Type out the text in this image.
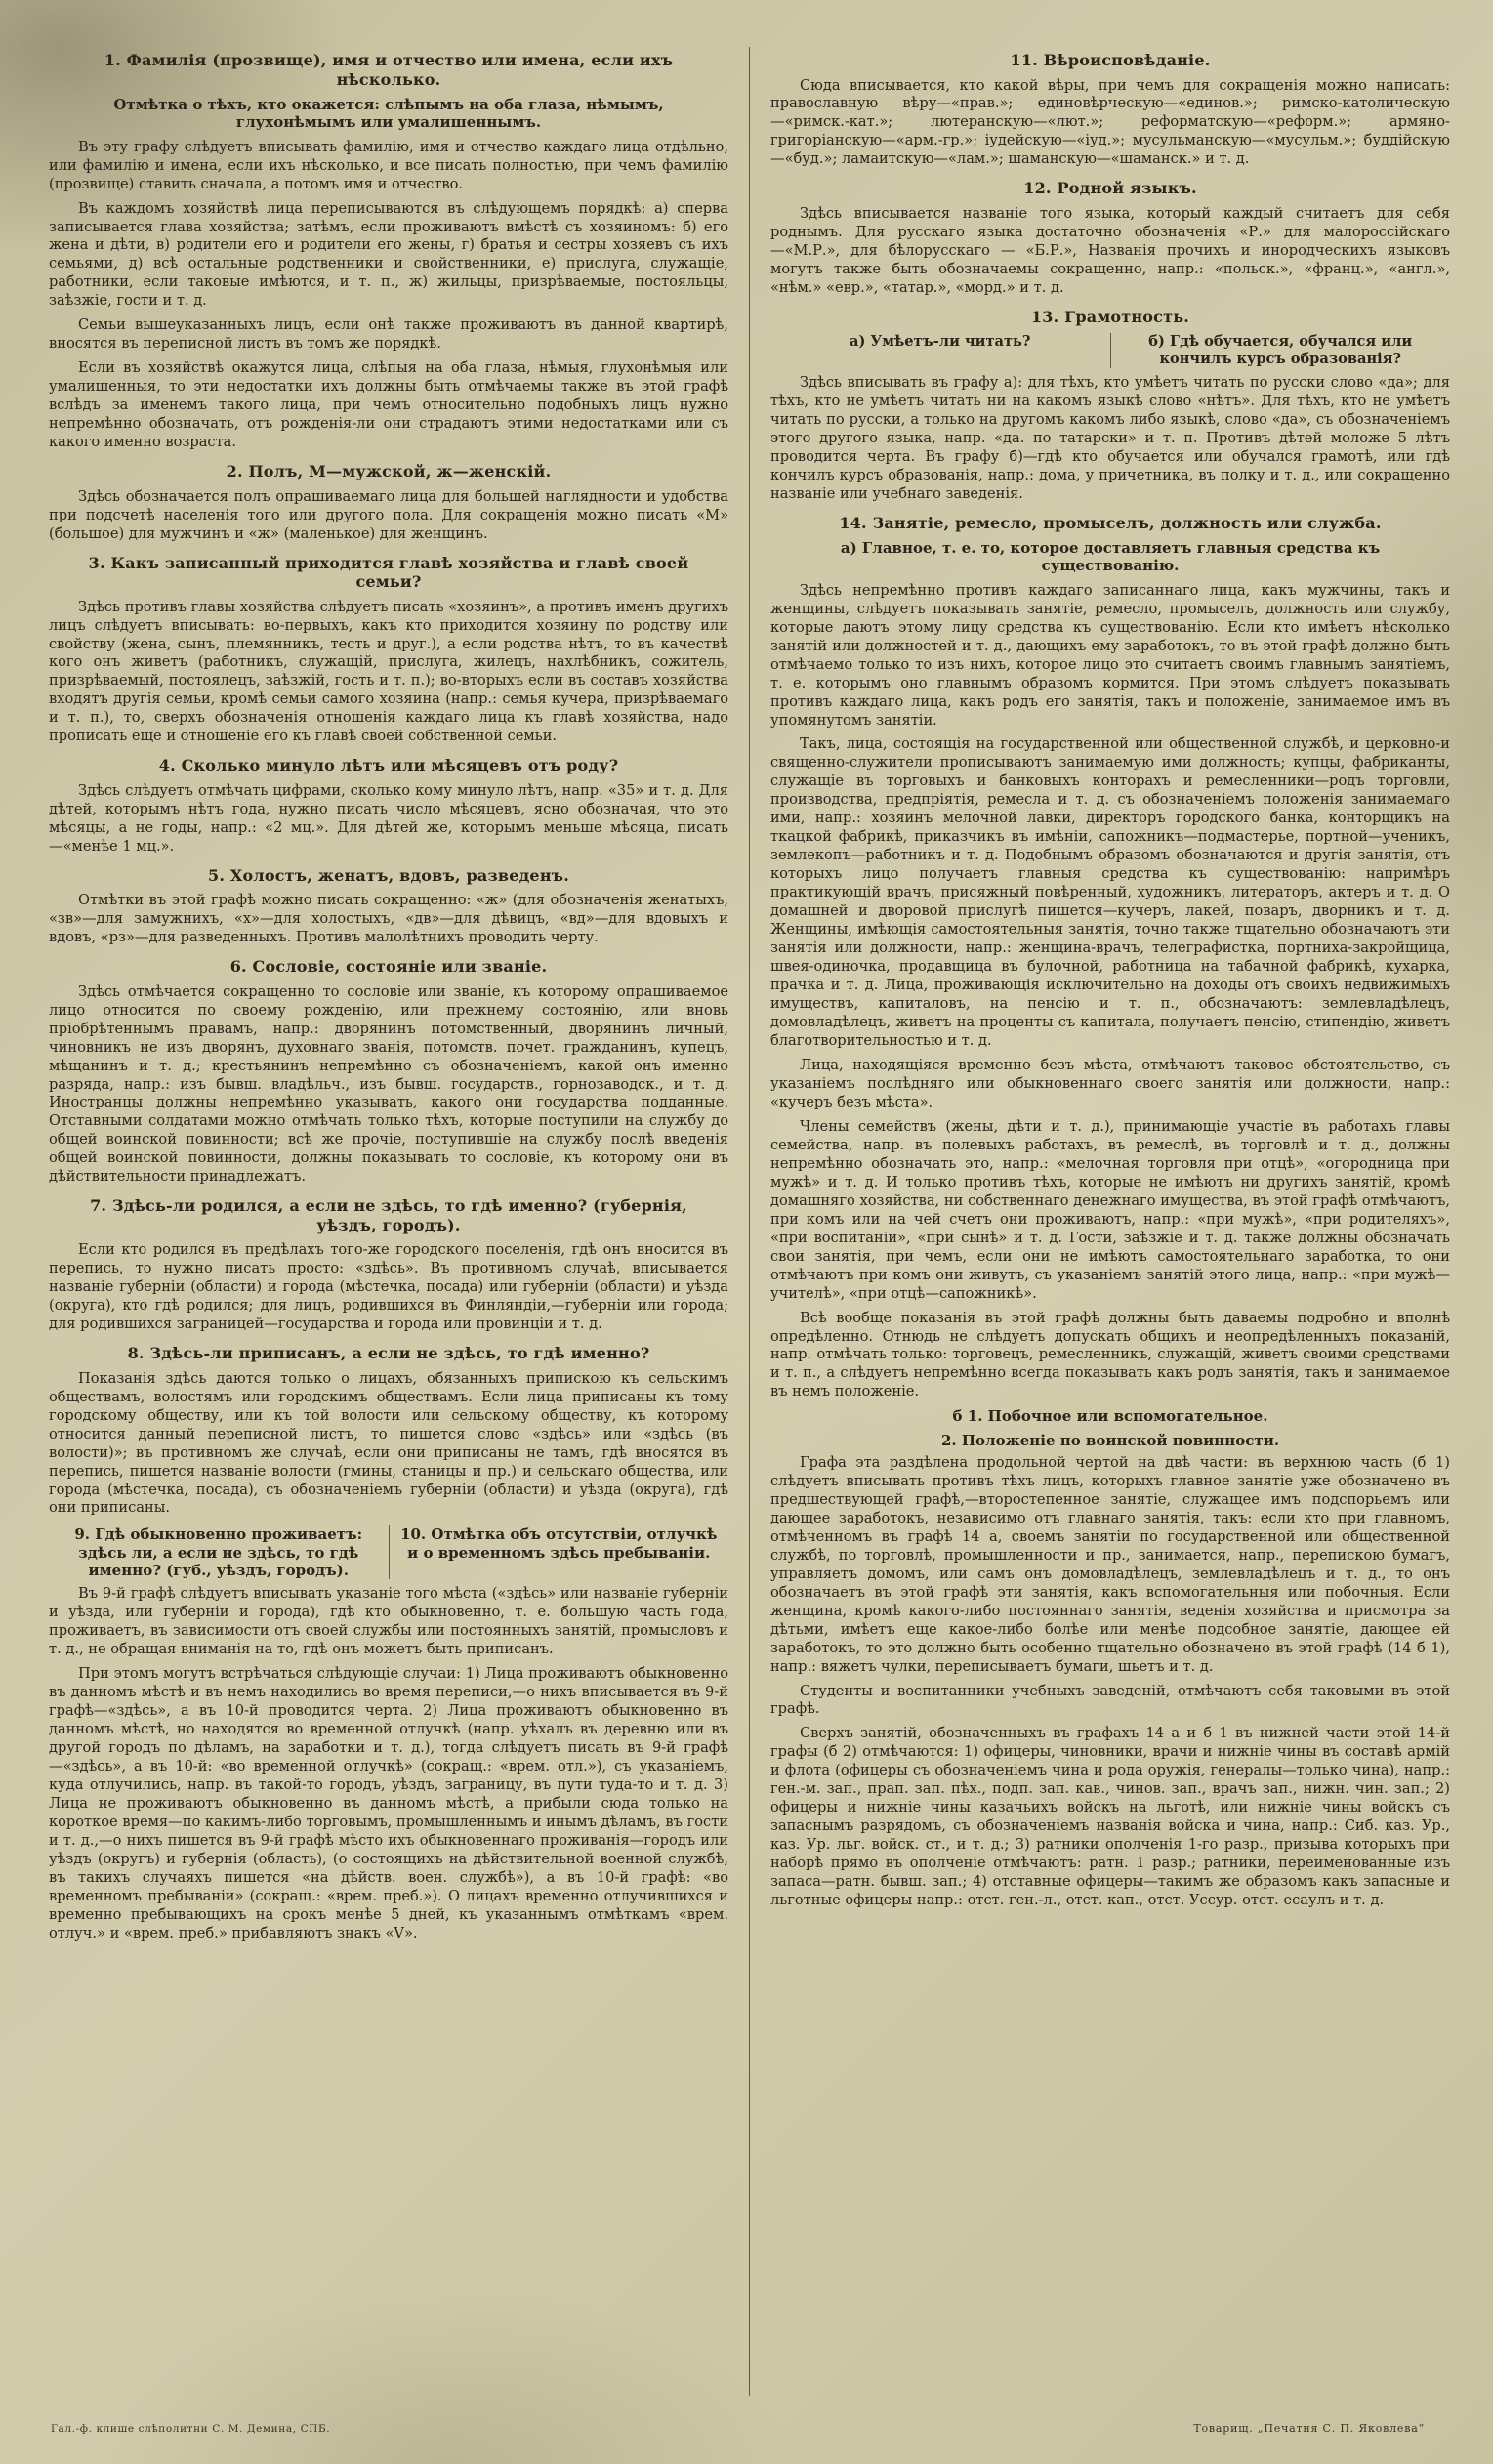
1. Фамилія (прозвище), имя и отчество или имена, если ихъ нѣсколько.
Отмѣтка о тѣхъ, кто окажется: слѣпымъ на оба глаза, нѣмымъ, глухонѣмымъ или умалишеннымъ.

Въ эту графу слѣдуетъ вписывать фамилію, имя и отчество каждаго лица отдѣльно, или фамилію и имена, если ихъ нѣсколько, и все писать полностью, при чемъ фамилію (прозвище) ставить сначала, а потомъ имя и отчество.

Въ каждомъ хозяйствѣ лица переписываются въ слѣдующемъ порядкѣ: а) сперва записывается глава хозяйства; затѣмъ, если проживаютъ вмѣстѣ съ хозяиномъ: б) его жена и дѣти, в) родители его и родители его жены, г) братья и сестры хозяевъ съ ихъ семьями, д) всѣ остальные родственники и свойственники, е) прислуга, служащіе, работники, если таковые имѣются, и т. п., ж) жильцы, призрѣваемые, постояльцы, заѣзжіе, гости и т. д.

Семьи вышеуказанныхъ лицъ, если онѣ также проживаютъ въ данной квартирѣ, вносятся въ переписной листъ въ томъ же порядкѣ.

Если въ хозяйствѣ окажутся лица, слѣпыя на оба глаза, нѣмыя, глухонѣмыя или умалишенныя, то эти недостатки ихъ должны быть отмѣчаемы также въ этой графѣ вслѣдъ за именемъ такого лица, при чемъ относительно подобныхъ лицъ нужно непремѣнно обозначать, отъ рожденія-ли они страдаютъ этими недостатками или съ какого именно возраста.

2. Полъ, М—мужской, ж—женскій.

Здѣсь обозначается полъ опрашиваемаго лица для большей наглядности и удобства при подсчетѣ населенія того или другого пола. Для сокращенія можно писать «М» (большое) для мужчинъ и «ж» (маленькое) для женщинъ.

3. Какъ записанный приходится главѣ хозяйства и главѣ своей семьи?

Здѣсь противъ главы хозяйства слѣдуетъ писать «хозяинъ», а противъ именъ другихъ лицъ слѣдуетъ вписывать: во-первыхъ, какъ кто приходится хозяину по родству или свойству (жена, сынъ, племянникъ, тесть и друг.), а если родства нѣтъ, то въ качествѣ кого онъ живетъ (работникъ, служащій, прислуга, жилецъ, нахлѣбникъ, сожитель, призрѣваемый, постоялецъ, заѣзжій, гость и т. п.); во-вторыхъ если въ составъ хозяйства входятъ другія семьи, кромѣ семьи самого хозяина (напр.: семья кучера, призрѣваемаго и т. п.), то, сверхъ обозначенія отношенія каждаго лица къ главѣ хозяйства, надо прописать еще и отношеніе его къ главѣ своей собственной семьи.

4. Сколько минуло лѣтъ или мѣсяцевъ отъ роду?

Здѣсь слѣдуетъ отмѣчать цифрами, сколько кому минуло лѣтъ, напр. «35» и т. д. Для дѣтей, которымъ нѣтъ года, нужно писать число мѣсяцевъ, ясно обозначая, что это мѣсяцы, а не годы, напр.: «2 мц.». Для дѣтей же, которымъ меньше мѣсяца, писать—«менѣе 1 мц.».

5. Холостъ, женатъ, вдовъ, разведенъ.

Отмѣтки въ этой графѣ можно писать сокращенно: «ж» (для обозначенія женатыхъ, «зв»—для замужнихъ, «х»—для холостыхъ, «дв»—для дѣвицъ, «вд»—для вдовыхъ и вдовъ, «рз»—для разведенныхъ. Противъ малолѣтнихъ проводить черту.

6. Сословіе, состояніе или званіе.

Здѣсь отмѣчается сокращенно то сословіе или званіе, къ которому опрашиваемое лицо относится по своему рожденію, или прежнему состоянію, или вновь пріобрѣтеннымъ правамъ, напр.: дворянинъ потомственный, дворянинъ личный, чиновникъ не изъ дворянъ, духовнаго званія, потомств. почет. гражданинъ, купецъ, мѣщанинъ и т. д.; крестьянинъ непремѣнно съ обозначеніемъ, какой онъ именно разряда, напр.: изъ бывш. владѣльч., изъ бывш. государств., горнозаводск., и т. д. Иностранцы должны непремѣнно указывать, какого они государства подданные. Отставными солдатами можно отмѣчать только тѣхъ, которые поступили на службу до общей воинской повинности; всѣ же прочіе, поступившіе на службу послѣ введенія общей воинской повинности, должны показывать то сословіе, къ которому они въ дѣйствительности принадлежатъ.

7. Здѣсь-ли родился, а если не здѣсь, то гдѣ именно? (губернія, уѣздъ, городъ).

Если кто родился въ предѣлахъ того-же городского поселенія, гдѣ онъ вносится въ перепись, то нужно писать просто: «здѣсь». Въ противномъ случаѣ, вписывается названіе губерніи (области) и города (мѣстечка, посада) или губерніи (области) и уѣзда (округа), кто гдѣ родился; для лицъ, родившихся въ Финляндіи,—губерніи или города; для родившихся заграницей—государства и города или провинціи и т. д.

8. Здѣсь-ли приписанъ, а если не здѣсь, то гдѣ именно?

Показанія здѣсь даются только о лицахъ, обязанныхъ припискою къ сельскимъ обществамъ, волостямъ или городскимъ обществамъ. Если лица приписаны къ тому городскому обществу, или къ той волости или сельскому обществу, къ которому относится данный переписной листъ, то пишется слово «здѣсь» или «здѣсь (въ волости)»; въ противномъ же случаѣ, если они приписаны не тамъ, гдѣ вносятся въ перепись, пишется названіе волости (гмины, станицы и пр.) и сельскаго общества, или города (мѣстечка, посада), съ обозначеніемъ губерніи (области) и уѣзда (округа), гдѣ они приписаны.

9. Гдѣ обыкновенно проживаетъ: здѣсь ли, а если не здѣсь, то гдѣ именно? (губ., уѣздъ, городъ).
10. Отмѣтка объ отсутствіи, отлучкѣ и о временномъ здѣсь пребываніи.

Въ 9-й графѣ слѣдуетъ вписывать указаніе того мѣста («здѣсь» или названіе губерніи и уѣзда, или губерніи и города), гдѣ кто обыкновенно, т. е. большую часть года, проживаетъ, въ зависимости отъ своей службы или постоянныхъ занятій, промысловъ и т. д., не обращая вниманія на то, гдѣ онъ можетъ быть приписанъ.

При этомъ могутъ встрѣчаться слѣдующіе случаи: 1) Лица проживаютъ обыкновенно въ данномъ мѣстѣ и въ немъ находились во время переписи,—о нихъ вписывается въ 9-й графѣ—«здѣсь», а въ 10-й проводится черта. 2) Лица проживаютъ обыкновенно въ данномъ мѣстѣ, но находятся во временной отлучкѣ (напр. уѣхалъ въ деревню или въ другой городъ по дѣламъ, на заработки и т. д.), тогда слѣдуетъ писать въ 9-й графѣ—«здѣсь», а въ 10-й: «во временной отлучкѣ» (сокращ.: «врем. отл.»), съ указаніемъ, куда отлучились, напр. въ такой-то городъ, уѣздъ, заграницу, въ пути туда-то и т. д. 3) Лица не проживаютъ обыкновенно въ данномъ мѣстѣ, а прибыли сюда только на короткое время—по какимъ-либо торговымъ, промышленнымъ и инымъ дѣламъ, въ гости и т. д.,—о нихъ пишется въ 9-й графѣ мѣсто ихъ обыкновеннаго проживанія—городъ или уѣздъ (округъ) и губернія (область), (о состоящихъ на дѣйствительной военной службѣ, въ такихъ случаяхъ пишется «на дѣйств. воен. службѣ»), а въ 10-й графѣ: «во временномъ пребываніи» (сокращ.: «врем. преб.»). О лицахъ временно отлучившихся и временно пребывающихъ на срокъ менѣе 5 дней, къ указаннымъ отмѣткамъ «врем. отлуч.» и «врем. преб.» прибавляютъ знакъ «V».

11. Вѣроисповѣданіе.

Сюда вписывается, кто какой вѣры, при чемъ для сокращенія можно написать: православную вѣру—«прав.»; единовѣрческую—«единов.»; римско-католическую—«римск.-кат.»; лютеранскую—«лют.»; реформатскую—«реформ.»; армяно-григоріанскую—«арм.-гр.»; іудейскую—«іуд.»; мусульманскую—«мусульм.»; буддійскую—«буд.»; ламаитскую—«лам.»; шаманскую—«шаманск.» и т. д.

12. Родной языкъ.

Здѣсь вписывается названіе того языка, который каждый считаетъ для себя роднымъ. Для русскаго языка достаточно обозначенія «Р.» для малороссійскаго—«М.Р.», для бѣлорусскаго — «Б.Р.», Названія прочихъ и инородческихъ языковъ могутъ также быть обозначаемы сокращенно, напр.: «польск.», «франц.», «англ.», «нѣм.» «евр.», «татар.», «морд.» и т. д.

13. Грамотность.
а) Умѣетъ-ли читать?	б) Гдѣ обучается, обучался или кончилъ курсъ образованія?

Здѣсь вписывать въ графу а): для тѣхъ, кто умѣетъ читать по русски слово «да»; для тѣхъ, кто не умѣетъ читать ни на какомъ языкѣ слово «нѣтъ». Для тѣхъ, кто не умѣетъ читать по русски, а только на другомъ какомъ либо языкѣ, слово «да», съ обозначеніемъ этого другого языка, напр. «да. по татарски» и т. п. Противъ дѣтей моложе 5 лѣтъ проводится черта. Въ графу б)—гдѣ кто обучается или обучался грамотѣ, или гдѣ кончилъ курсъ образованія, напр.: дома, у причетника, въ полку и т. д., или сокращенно названіе или учебнаго заведенія.

14. Занятіе, ремесло, промыселъ, должность или служба.
а) Главное, т. е. то, которое доставляетъ главныя средства къ существованію.

Здѣсь непремѣнно противъ каждаго записаннаго лица, какъ мужчины, такъ и женщины, слѣдуетъ показывать занятіе, ремесло, промыселъ, должность или службу, которые даютъ этому лицу средства къ существованію. Если кто имѣетъ нѣсколько занятій или должностей и т. д., дающихъ ему заработокъ, то въ этой графѣ должно быть отмѣчаемо только то изъ нихъ, которое лицо это считаетъ своимъ главнымъ занятіемъ, т. е. которымъ оно главнымъ образомъ кормится. При этомъ слѣдуетъ показывать противъ каждаго лица, какъ родъ его занятія, такъ и положеніе, занимаемое имъ въ упомянутомъ занятіи.

Такъ, лица, состоящія на государственной или общественной службѣ, и церковно-и священно-служители прописываютъ занимаемую ими должность; купцы, фабриканты, служащіе въ торговыхъ и банковыхъ конторахъ и ремесленники—родъ торговли, производства, предпріятія, ремесла и т. д. съ обозначеніемъ положенія занимаемаго ими, напр.: хозяинъ мелочной лавки, директоръ городского банка, конторщикъ на ткацкой фабрикѣ, приказчикъ въ имѣніи, сапожникъ—подмастерье, портной—ученикъ, землекопъ—работникъ и т. д. Подобнымъ образомъ обозначаются и другія занятія, отъ которыхъ лицо получаетъ главныя средства къ существованію: напримѣръ практикующій врачъ, присяжный повѣренный, художникъ, литераторъ, актеръ и т. д. О домашней и дворовой прислугѣ пишется—кучеръ, лакей, поваръ, дворникъ и т. д. Женщины, имѣющія самостоятельныя занятія, точно также тщательно обозначаютъ эти занятія или должности, напр.: женщина-врачъ, телеграфистка, портниха-закройщица, швея-одиночка, продавщица въ булочной, работница на табачной фабрикѣ, кухарка, прачка и т. д. Лица, проживающія исключительно на доходы отъ своихъ недвижимыхъ имуществъ, капиталовъ, на пенсію и т. п., обозначаютъ: землевладѣлецъ, домовладѣлецъ, живетъ на проценты съ капитала, получаетъ пенсію, стипендію, живетъ благотворительностью и т. д.

Лица, находящіяся временно безъ мѣста, отмѣчаютъ таковое обстоятельство, съ указаніемъ послѣдняго или обыкновеннаго своего занятія или должности, напр.: «кучеръ безъ мѣста».

Члены семействъ (жены, дѣти и т. д.), принимающіе участіе въ работахъ главы семейства, напр. въ полевыхъ работахъ, въ ремеслѣ, въ торговлѣ и т. д., должны непремѣнно обозначать это, напр.: «мелочная торговля при отцѣ», «огородница при мужѣ» и т. д. И только противъ тѣхъ, которые не имѣютъ ни другихъ занятій, кромѣ домашняго хозяйства, ни собственнаго денежнаго имущества, въ этой графѣ отмѣчаютъ, при комъ или на чей счетъ они проживаютъ, напр.: «при мужѣ», «при родителяхъ», «при воспитаніи», «при сынѣ» и т. д. Гости, заѣзжіе и т. д. также должны обозначать свои занятія, при чемъ, если они не имѣютъ самостоятельнаго заработка, то они отмѣчаютъ при комъ они живутъ, съ указаніемъ занятій этого лица, напр.: «при мужѣ—учителѣ», «при отцѣ—сапожникѣ».

Всѣ вообще показанія въ этой графѣ должны быть даваемы подробно и вполнѣ опредѣленно. Отнюдь не слѣдуетъ допускать общихъ и неопредѣленныхъ показаній, напр. отмѣчать только: торговецъ, ремесленникъ, служащій, живетъ своими средствами и т. п., а слѣдуетъ непремѣнно всегда показывать какъ родъ занятія, такъ и занимаемое въ немъ положеніе.

б 1. Побочное или вспомогательное.
2. Положеніе по воинской повинности.

Графа эта раздѣлена продольной чертой на двѣ части: въ верхнюю часть (б 1) слѣдуетъ вписывать противъ тѣхъ лицъ, которыхъ главное занятіе уже обозначено въ предшествующей графѣ,—второстепенное занятіе, служащее имъ подспорьемъ или дающее заработокъ, независимо отъ главнаго занятія, такъ: если кто при главномъ, отмѣченномъ въ графѣ 14 а, своемъ занятіи по государственной или общественной службѣ, по торговлѣ, промышленности и пр., занимается, напр., перепискою бумагъ, управляетъ домомъ, или самъ онъ домовладѣлецъ, землевладѣлецъ и т. д., то онъ обозначаетъ въ этой графѣ эти занятія, какъ вспомогательныя или побочныя. Если женщина, кромѣ какого-либо постояннаго занятія, веденія хозяйства и присмотра за дѣтьми, имѣетъ еще какое-либо болѣе или менѣе подсобное занятіе, дающее ей заработокъ, то это должно быть особенно тщательно обозначено въ этой графѣ (14 б 1), напр.: вяжетъ чулки, переписываетъ бумаги, шьетъ и т. д.

Студенты и воспитанники учебныхъ заведеній, отмѣчаютъ себя таковыми въ этой графѣ.

Сверхъ занятій, обозначенныхъ въ графахъ 14 а и б 1 въ нижней части этой 14-й графы (б 2) отмѣчаются: 1) офицеры, чиновники, врачи и нижніе чины въ составѣ армій и флота (офицеры съ обозначеніемъ чина и рода оружія, генералы—только чина), напр.: ген.-м. зап., прап. зап. пѣх., подп. зап. кав., чинов. зап., врачъ зап., нижн. чин. зап.; 2) офицеры и нижніе чины казачьихъ войскъ на льготѣ, или нижніе чины войскъ съ запаснымъ разрядомъ, съ обозначеніемъ названія войска и чина, напр.: Сиб. каз. Ур., каз. Ур. льг. войск. ст., и т. д.; 3) ратники ополченія 1-го разр., призыва которыхъ при наборѣ прямо въ ополченіе отмѣчаютъ: ратн. 1 разр.; ратники, переименованные изъ запаса—ратн. бывш. зап.; 4) отставные офицеры—такимъ же образомъ какъ запасные и льготные офицеры напр.: отст. ген.-л., отст. кап., отст. Уссур. отст. есаулъ и т. д.

Гал.-ф. клише слѣполитни С. М. Демина, СПБ.	Товарищ. „Печатня С. П. Яковлева“
